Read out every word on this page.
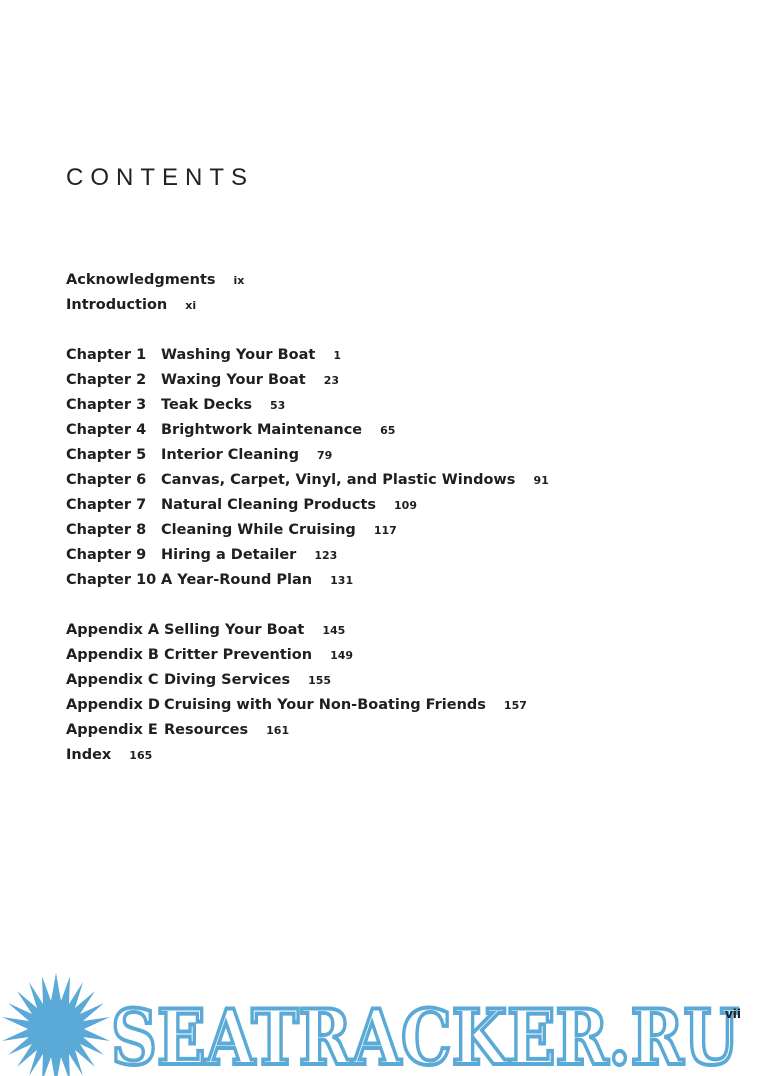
CONTENTS
Acknowledgments ix
Introduction xi
Chapter 1 Washing Your Boat 1
Chapter 2 Waxing Your Boat 23
Chapter 3 Teak Decks 53
Chapter 4 Brightwork Maintenance 65
Chapter 5 Interior Cleaning 79
Chapter 6 Canvas, Carpet, Vinyl, and Plastic Windows 91
Chapter 7 Natural Cleaning Products 109
Chapter 8 Cleaning While Cruising 117
Chapter 9 Hiring a Detailer 123
Chapter 10 A Year-Round Plan 131
Appendix A Selling Your Boat 145
Appendix B Critter Prevention 149
Appendix C Diving Services 155
Appendix D Cruising with Your Non-Boating Friends 157
Appendix E Resources 161
Index 165
SEATRACKER.RU
vii
